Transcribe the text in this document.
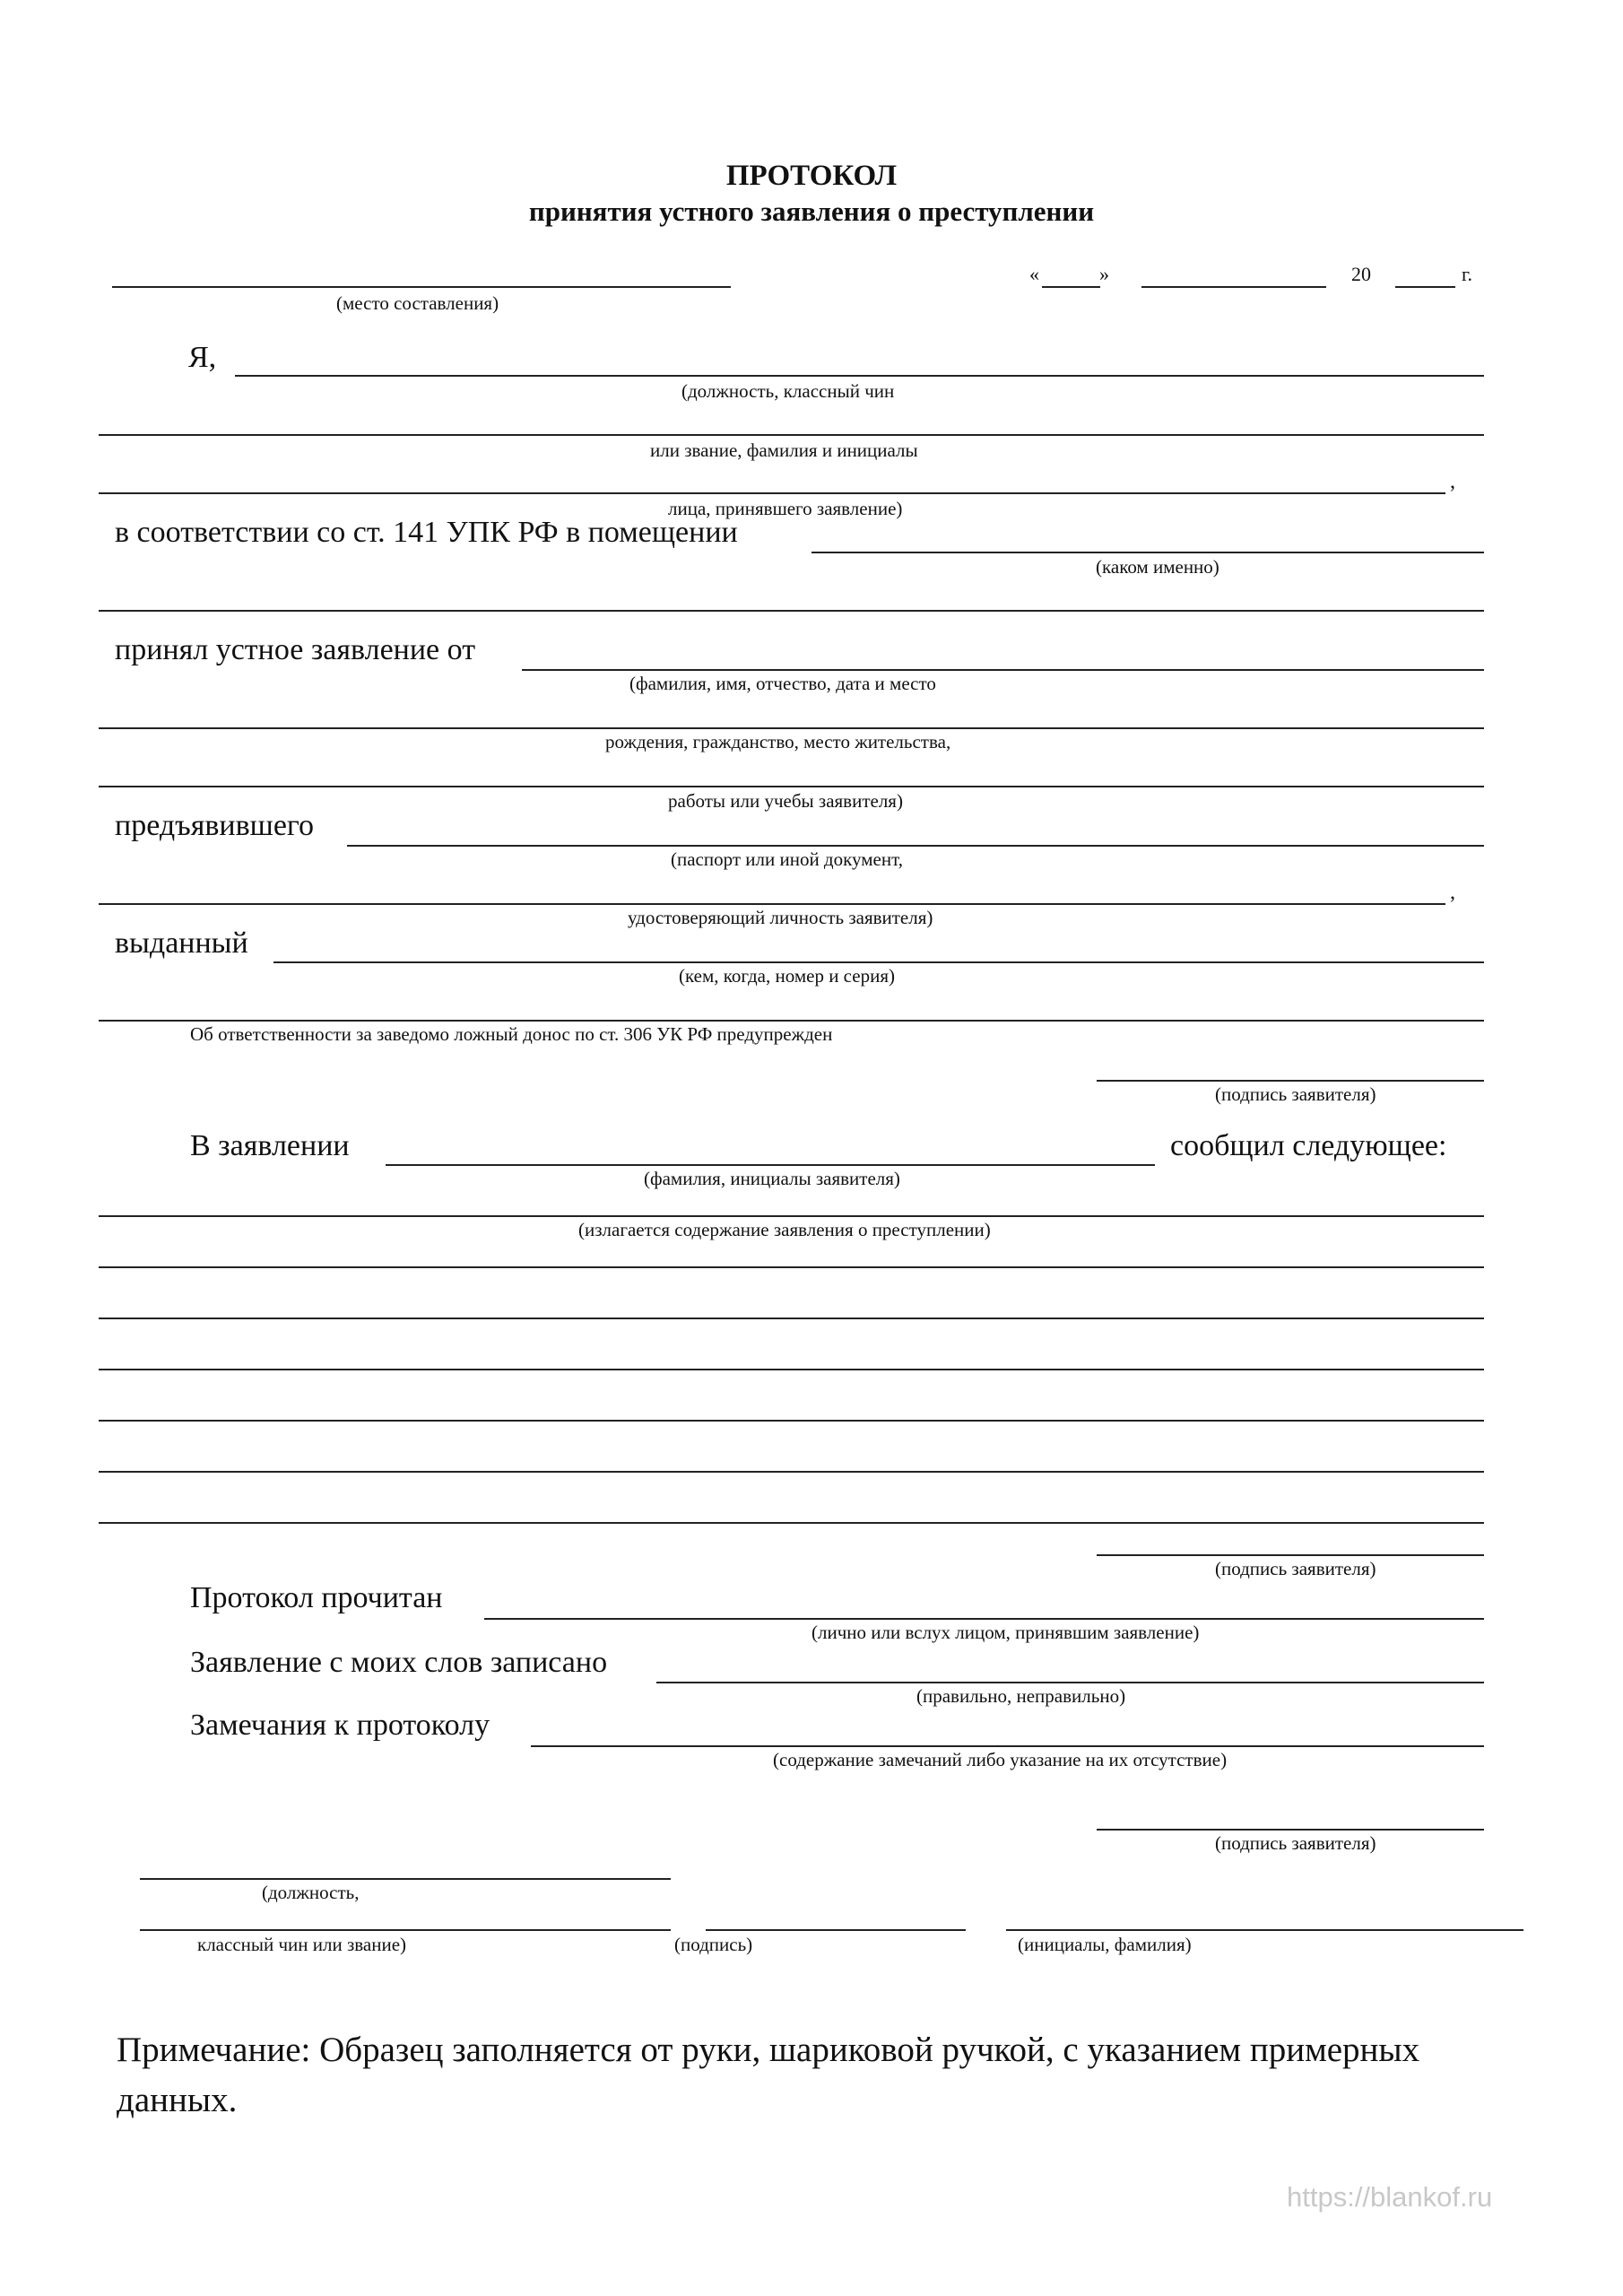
ПРОТОКОЛ
принятия устного заявления о преступлении
(место составления)
«	»	20	г.
Я,
(должность, классный чин
или звание, фамилия и инициалы
,
лица, принявшего заявление)
в соответствии со ст. 141 УПК РФ в помещении
(каком именно)
принял устное заявление от
(фамилия, имя, отчество, дата и место
рождения, гражданство, место жительства,
работы или учебы заявителя)
предъявившего
(паспорт или иной документ,
,
удостоверяющий личность заявителя)
выданный
(кем, когда, номер и серия)
Об ответственности за заведомо ложный донос по ст. 306 УК РФ предупрежден
(подпись заявителя)
В заявлении	сообщил следующее:
(фамилия, инициалы заявителя)
(излагается содержание заявления о преступлении)
(подпись заявителя)
Протокол прочитан
(лично или вслух лицом, принявшим заявление)
Заявление с моих слов записано
(правильно, неправильно)
Замечания к протоколу
(содержание замечаний либо указание на их отсутствие)
(подпись заявителя)
(должность,
классный чин или звание)	(подпись)	(инициалы, фамилия)
Примечание: Образец заполняется от руки, шариковой ручкой, с указанием примерных данных.
https://blankof.ru
